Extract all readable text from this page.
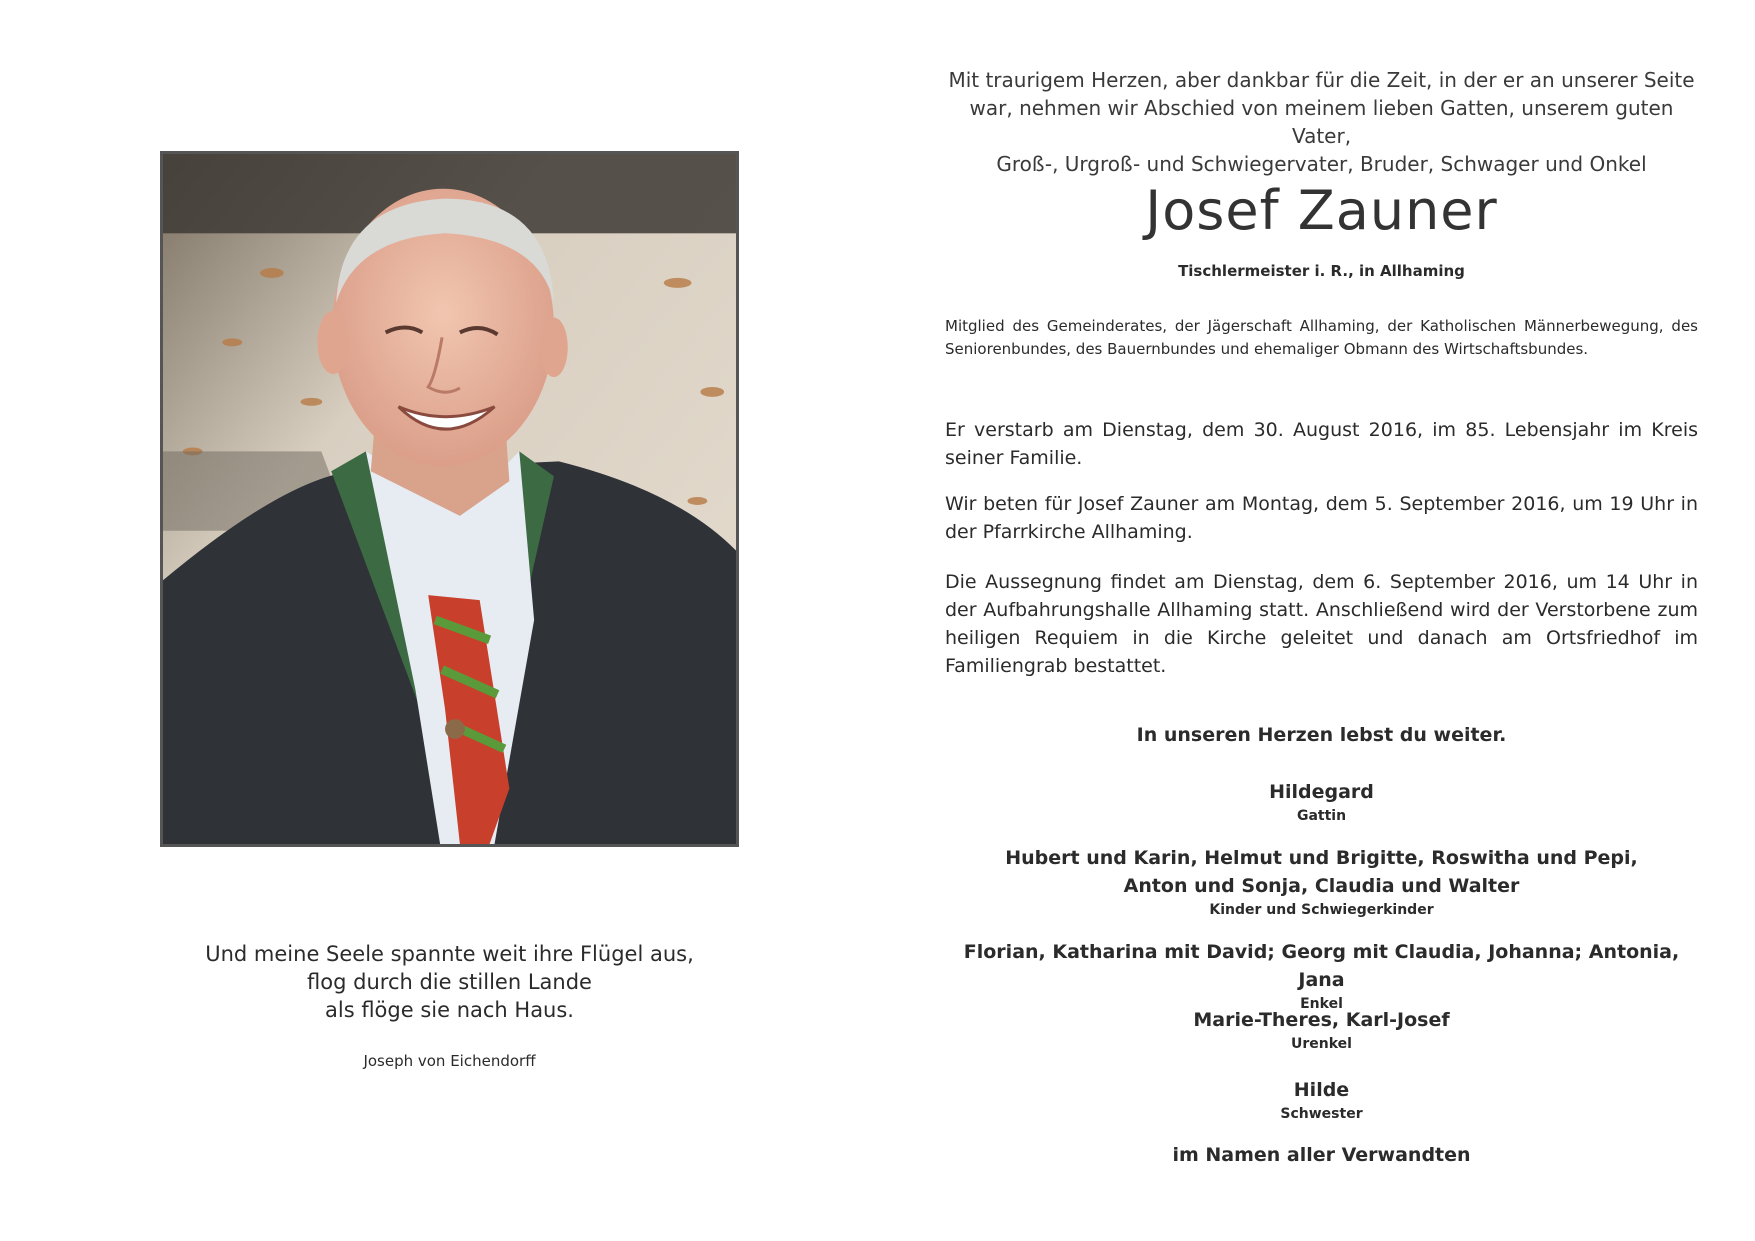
Und meine Seele spannte weit ihre Flügel aus,
flog durch die stillen Lande
als flöge sie nach Haus.
Joseph von Eichendorff
Mit traurigem Herzen, aber dankbar für die Zeit, in der er an unserer Seite
war, nehmen wir Abschied von meinem lieben Gatten, unserem guten Vater,
Groß-, Urgroß- und Schwiegervater, Bruder, Schwager und Onkel
Josef Zauner
Tischlermeister i. R., in Allhaming
Mitglied des Gemeinderates, der Jägerschaft Allhaming, der Katholischen Männerbewegung, des Seniorenbundes, des Bauernbundes und ehemaliger Obmann des Wirtschaftsbundes.
Er verstarb am Dienstag, dem 30. August 2016, im 85. Lebensjahr im Kreis seiner Familie.
Wir beten für Josef Zauner am Montag, dem 5. September 2016, um 19 Uhr in der Pfarrkirche Allhaming.
Die Aussegnung findet am Dienstag, dem 6. September 2016, um 14 Uhr in der Aufbahrungshalle Allhaming statt. Anschließend wird der Verstorbene zum heiligen Requiem in die Kirche geleitet und danach am Ortsfriedhof im Familiengrab bestattet.
In unseren Herzen lebst du weiter.
Hildegard
Gattin
Hubert und Karin, Helmut und Brigitte, Roswitha und Pepi,
Anton und Sonja, Claudia und Walter
Kinder und Schwiegerkinder
Florian, Katharina mit David; Georg mit Claudia, Johanna; Antonia, Jana
Enkel
Marie-Theres, Karl-Josef
Urenkel
Hilde
Schwester
im Namen aller Verwandten
